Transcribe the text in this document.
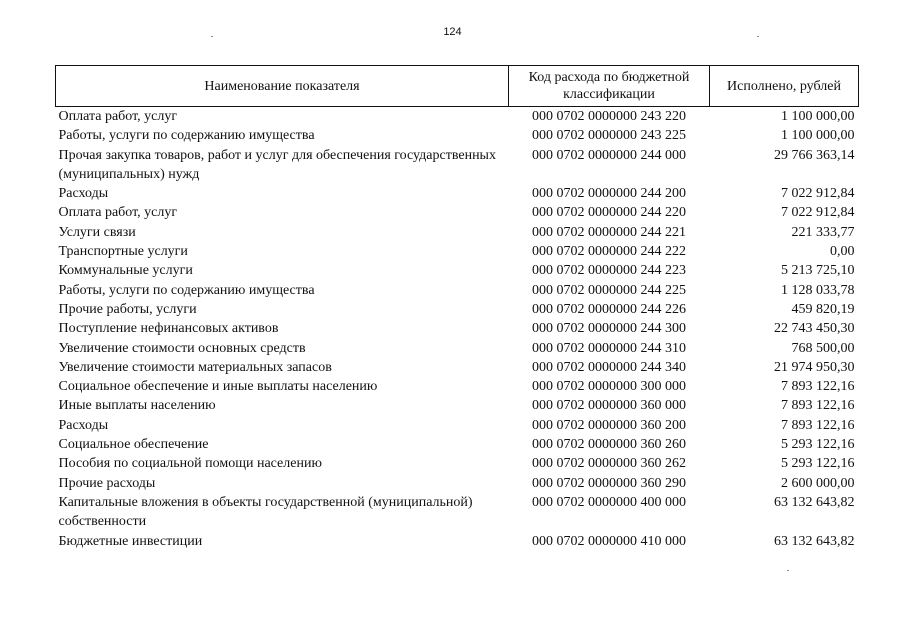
124
Наименование показателя	Код расхода по бюджетной классификации	Исполнено, рублей
Оплата работ, услуг	000 0702 0000000 243 220	1 100 000,00
Работы, услуги по содержанию имущества	000 0702 0000000 243 225	1 100 000,00
Прочая закупка товаров, работ и услуг для обеспечения государственных (муниципальных) нужд	000 0702 0000000 244 000	29 766 363,14
Расходы	000 0702 0000000 244 200	7 022 912,84
Оплата работ, услуг	000 0702 0000000 244 220	7 022 912,84
Услуги связи	000 0702 0000000 244 221	221 333,77
Транспортные услуги	000 0702 0000000 244 222	0,00
Коммунальные услуги	000 0702 0000000 244 223	5 213 725,10
Работы, услуги по содержанию имущества	000 0702 0000000 244 225	1 128 033,78
Прочие работы, услуги	000 0702 0000000 244 226	459 820,19
Поступление нефинансовых активов	000 0702 0000000 244 300	22 743 450,30
Увеличение стоимости основных средств	000 0702 0000000 244 310	768 500,00
Увеличение стоимости материальных запасов	000 0702 0000000 244 340	21 974 950,30
Социальное обеспечение и иные выплаты населению	000 0702 0000000 300 000	7 893 122,16
Иные выплаты населению	000 0702 0000000 360 000	7 893 122,16
Расходы	000 0702 0000000 360 200	7 893 122,16
Социальное обеспечение	000 0702 0000000 360 260	5 293 122,16
Пособия по социальной помощи населению	000 0702 0000000 360 262	5 293 122,16
Прочие расходы	000 0702 0000000 360 290	2 600 000,00
Капитальные вложения в объекты государственной (муниципальной) собственности	000 0702 0000000 400 000	63 132 643,82
Бюджетные инвестиции	000 0702 0000000 410 000	63 132 643,82
